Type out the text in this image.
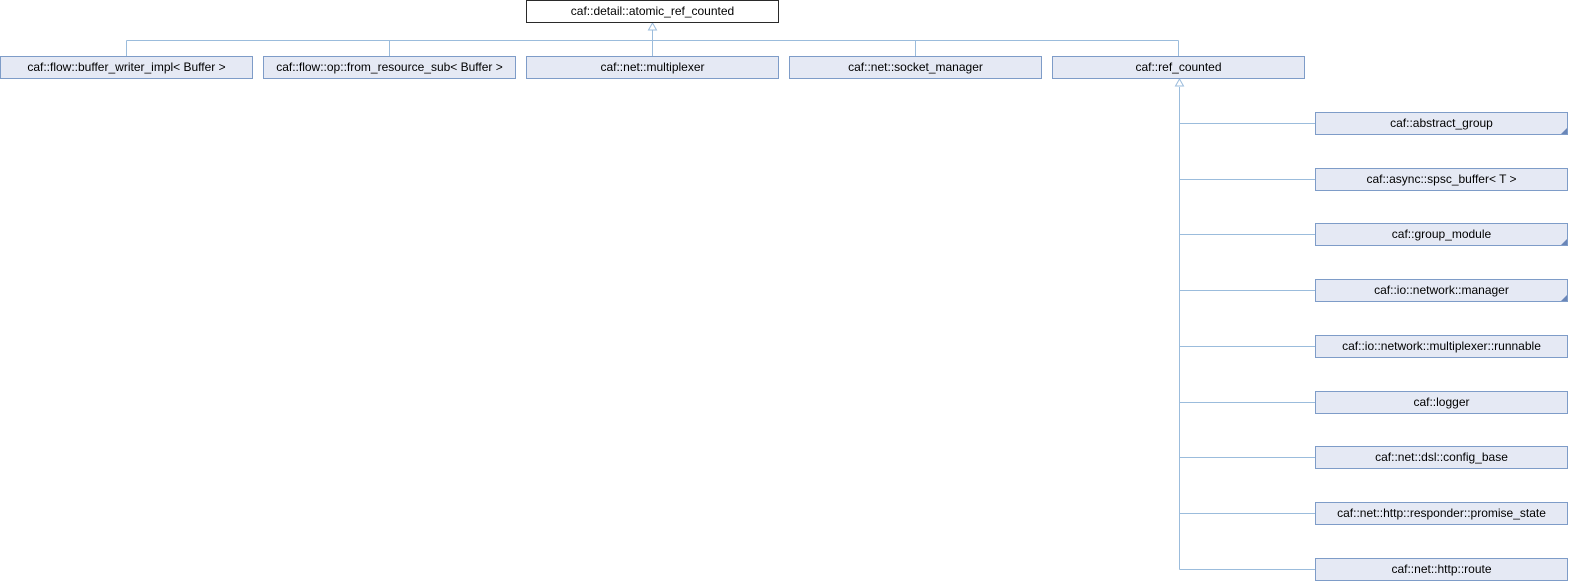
caf::detail::atomic_ref_counted
caf::flow::buffer_writer_impl< Buffer >	caf::flow::op::from_resource_sub< Buffer >	caf::net::multiplexer	caf::net::socket_manager	caf::ref_counted
caf::abstract_group
caf::async::spsc_buffer< T >
caf::group_module
caf::io::network::manager
caf::io::network::multiplexer::runnable
caf::logger
caf::net::dsl::config_base
caf::net::http::responder::promise_state
caf::net::http::route
